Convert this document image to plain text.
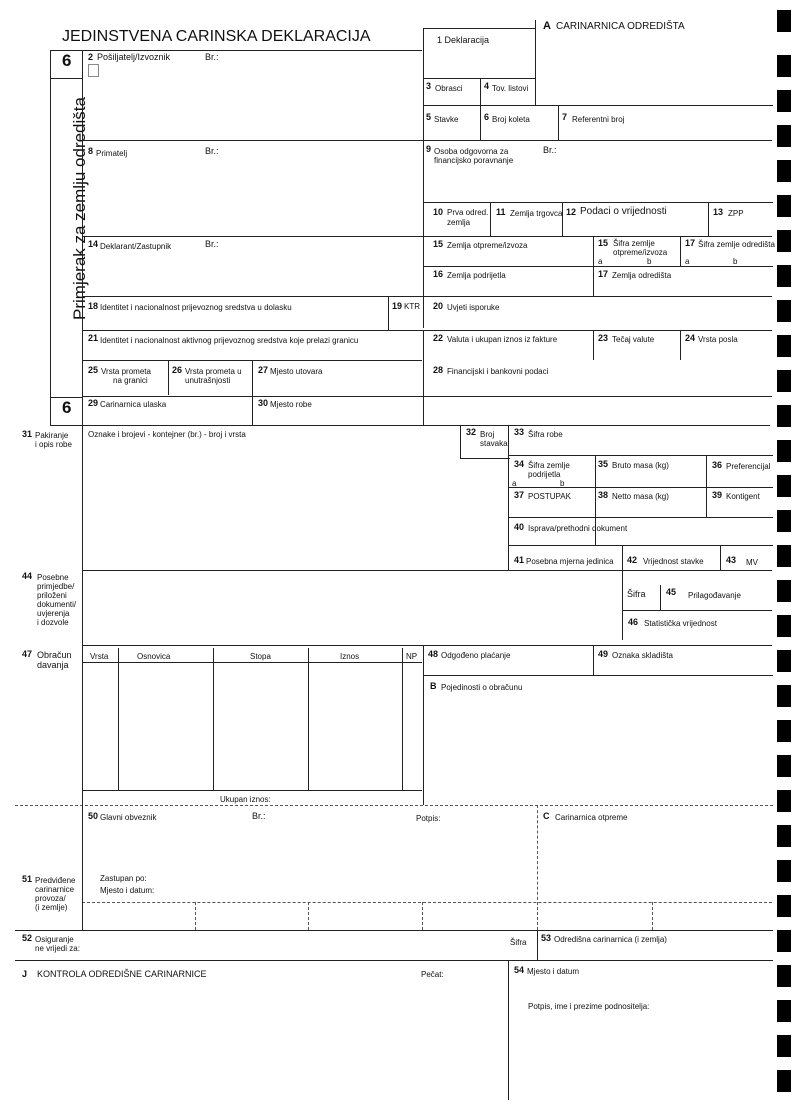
JEDINSTVENA CARINSKA DEKLARACIJA
A CARINARNICA ODREDIŠTA
6
Primjerak za zemlju odredišta
6
1 Deklaracija
2 Pošiljatelj/Izvoznik	Br.:
3 Obrasci 4 Tov. listovi
5 Stavke	6 Broj koleta	7 Referentni broj
8 Primatelj	Br.:	9 Osoba odgovorna za
financijsko poravnanje
Br.:
10 Prva odred.
zemlja
11 Zemlja trgovca 12 Podaci o vrijednosti	13 ZPP
14 Deklarant/Zastupnik	Br.:	15 Zemlja otpreme/izvoza	15 Šifra zemlje
otpreme/izvoza
a	b
17 Šifra zemlje odredišta
a	b
16 Zemlja podrijetla	17 Zemlja odredišta
18 Identitet i nacionalnost prijevoznog sredstva u dolasku	19 KTR 20 Uvjeti isporuke
21 Identitet i nacionalnost aktivnog prijevoznog sredstva koje prelazi granicu	22 Valuta i ukupan iznos iz fakture	23 Tečaj valute	24 Vrsta posla
25 Vrsta prometa
na granici
26 Vrsta prometa u
unutrašnjosti
27 Mjesto utovara	28 Financijski i bankovni podaci
29 Carinarnica ulaska	30 Mjesto robe
31 Pakiranje
i opis robe
Oznake i brojevi - kontejner (br.) - broj i vrsta	32 Broj
stavaka
33 Šifra robe
34 Šifra zemlje
podrijetla
a	b
35 Bruto masa (kg)	36 Preferencijal
37 POSTUPAK	38 Netto masa (kg)	39 Kontigent
40 Isprava/prethodni dokument
41 Posebna mjerna jedinica 42 Vrijednost stavke 43 MV
44 Posebne
primjedbe/
priloženi
dokumenti/
uvjerenja
i dozvole
Šifra 45 Prilagođavanje
46 Statistička vrijednost
47 Obračun
davanja
Vrsta	Osnovica	Stopa	Iznos	NP
Ukupan iznos:
48 Odgođeno plaćanje	49 Oznaka skladišta
B Pojedinosti o obračunu
50 Glavni obveznik	Br.:	Potpis:	C Carinarnica otpreme
Zastupan po:
Mjesto i datum:
51 Predviđene
carinarnice
provoza/
(i zemlje)
52 Osiguranje
ne vrijedi za:
Šifra 53 Odredišna carinarnica (i zemlja)
J KONTROLA ODREDIŠNE CARINARNICE	Pečat:	54 Mjesto i datum
Potpis, ime i prezime podnositelja:
